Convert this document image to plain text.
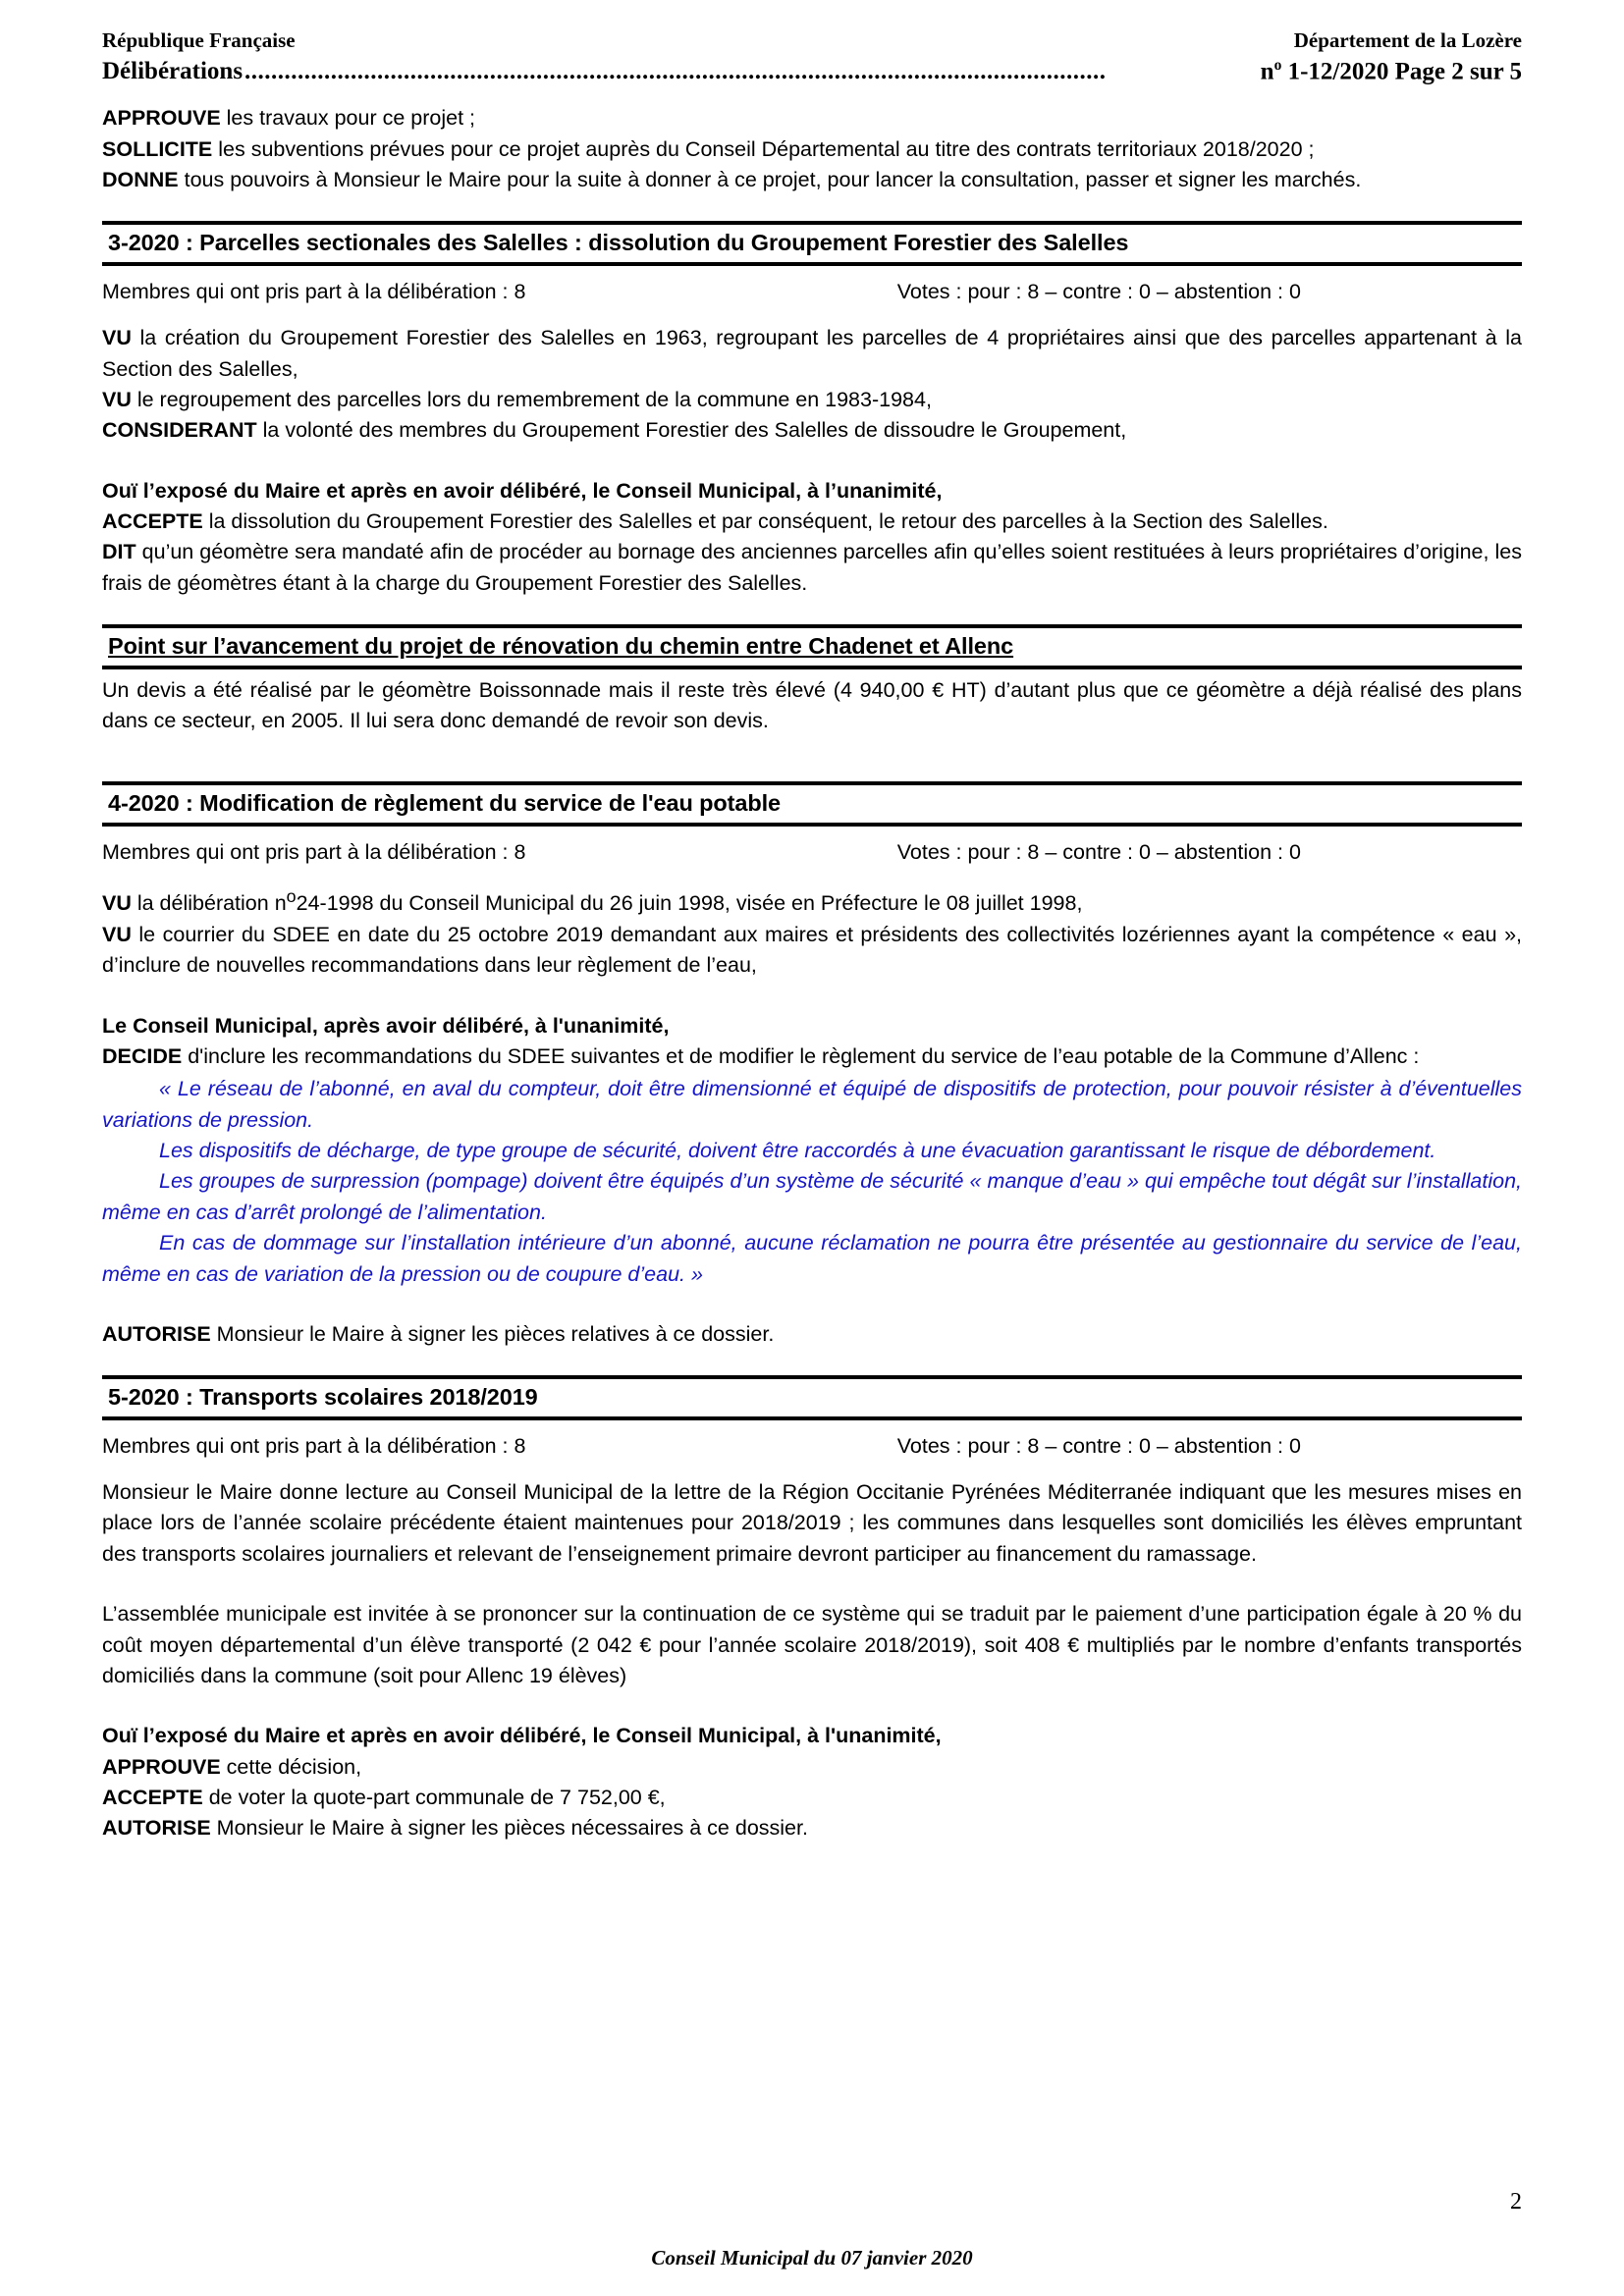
République Française	Département de la Lozère
Délibérations ..................................................................................................................................	$n^o$ 1-12/2020 Page 2 sur 5

APPROUVE les travaux pour ce projet ;

SOLLICITE les subventions prévues pour ce projet auprès du Conseil Départemental au titre des contrats territoriaux 2018/2020 ;

DONNE tous pouvoirs à Monsieur le Maire pour la suite à donner à ce projet, pour lancer la consultation, passer et signer les marchés.

3-2020 : Parcelles sectionales des Salelles : dissolution du Groupement Forestier des Salelles
Membres qui ont pris part à la délibération : 8	Votes : pour : 8 – contre : 0 – abstention : 0

VU la création du Groupement Forestier des Salelles en 1963, regroupant les parcelles de 4 propriétaires ainsi que des parcelles appartenant à la Section des Salelles,

VU le regroupement des parcelles lors du remembrement de la commune en 1983-1984,

CONSIDERANT la volonté des membres du Groupement Forestier des Salelles de dissoudre le Groupement,

Ouï l’exposé du Maire et après en avoir délibéré, le Conseil Municipal, à l’unanimité,

ACCEPTE la dissolution du Groupement Forestier des Salelles et par conséquent, le retour des parcelles à la Section des Salelles.

DIT qu’un géomètre sera mandaté afin de procéder au bornage des anciennes parcelles afin qu’elles soient restituées à leurs propriétaires d’origine, les frais de géomètres étant à la charge du Groupement Forestier des Salelles.

Point sur l’avancement du projet de rénovation du chemin entre Chadenet et Allenc

Un devis a été réalisé par le géomètre Boissonnade mais il reste très élevé (4 940,00 € HT) d’autant plus que ce géomètre a déjà réalisé des plans dans ce secteur, en 2005. Il lui sera donc demandé de revoir son devis.

4-2020 : Modification de règlement du service de l'eau potable
Membres qui ont pris part à la délibération : 8	Votes : pour : 8 – contre : 0 – abstention : 0

VU la délibération $n^o24-1998$ du Conseil Municipal du 26 juin 1998, visée en Préfecture le 08 juillet 1998,

VU le courrier du SDEE en date du 25 octobre 2019 demandant aux maires et présidents des collectivités lozériennes ayant la compétence « eau », d’inclure de nouvelles recommandations dans leur règlement de l’eau,

Le Conseil Municipal, après avoir délibéré, à l'unanimité,

DECIDE d'inclure les recommandations du SDEE suivantes et de modifier le règlement du service de l’eau potable de la Commune d’Allenc :

« Le réseau de l’abonné, en aval du compteur, doit être dimensionné et équipé de dispositifs de protection, pour pouvoir résister à d’éventuelles variations de pression.

Les dispositifs de décharge, de type groupe de sécurité, doivent être raccordés à une évacuation garantissant le risque de débordement.

Les groupes de surpression (pompage) doivent être équipés d’un système de sécurité « manque d’eau » qui empêche tout dégât sur l’installation, même en cas d’arrêt prolongé de l’alimentation.

En cas de dommage sur l’installation intérieure d’un abonné, aucune réclamation ne pourra être présentée au gestionnaire du service de l’eau, même en cas de variation de la pression ou de coupure d’eau. »

AUTORISE Monsieur le Maire à signer les pièces relatives à ce dossier.

5-2020 : Transports scolaires 2018/2019
Membres qui ont pris part à la délibération : 8	Votes : pour : 8 – contre : 0 – abstention : 0

Monsieur le Maire donne lecture au Conseil Municipal de la lettre de la Région Occitanie Pyrénées Méditerranée indiquant que les mesures mises en place lors de l’année scolaire précédente étaient maintenues pour 2018/2019 ; les communes dans lesquelles sont domiciliés les élèves empruntant des transports scolaires journaliers et relevant de l’enseignement primaire devront participer au financement du ramassage.

L’assemblée municipale est invitée à se prononcer sur la continuation de ce système qui se traduit par le paiement d’une participation égale à 20 % du coût moyen départemental d’un élève transporté (2 042 € pour l’année scolaire 2018/2019), soit 408 € multipliés par le nombre d’enfants transportés domiciliés dans la commune (soit pour Allenc 19 élèves)

Ouï l’exposé du Maire et après en avoir délibéré, le Conseil Municipal, à l'unanimité,

APPROUVE cette décision,

ACCEPTE de voter la quote-part communale de 7 752,00 €,

AUTORISE Monsieur le Maire à signer les pièces nécessaires à ce dossier.

2
Conseil Municipal du 07 janvier 2020
